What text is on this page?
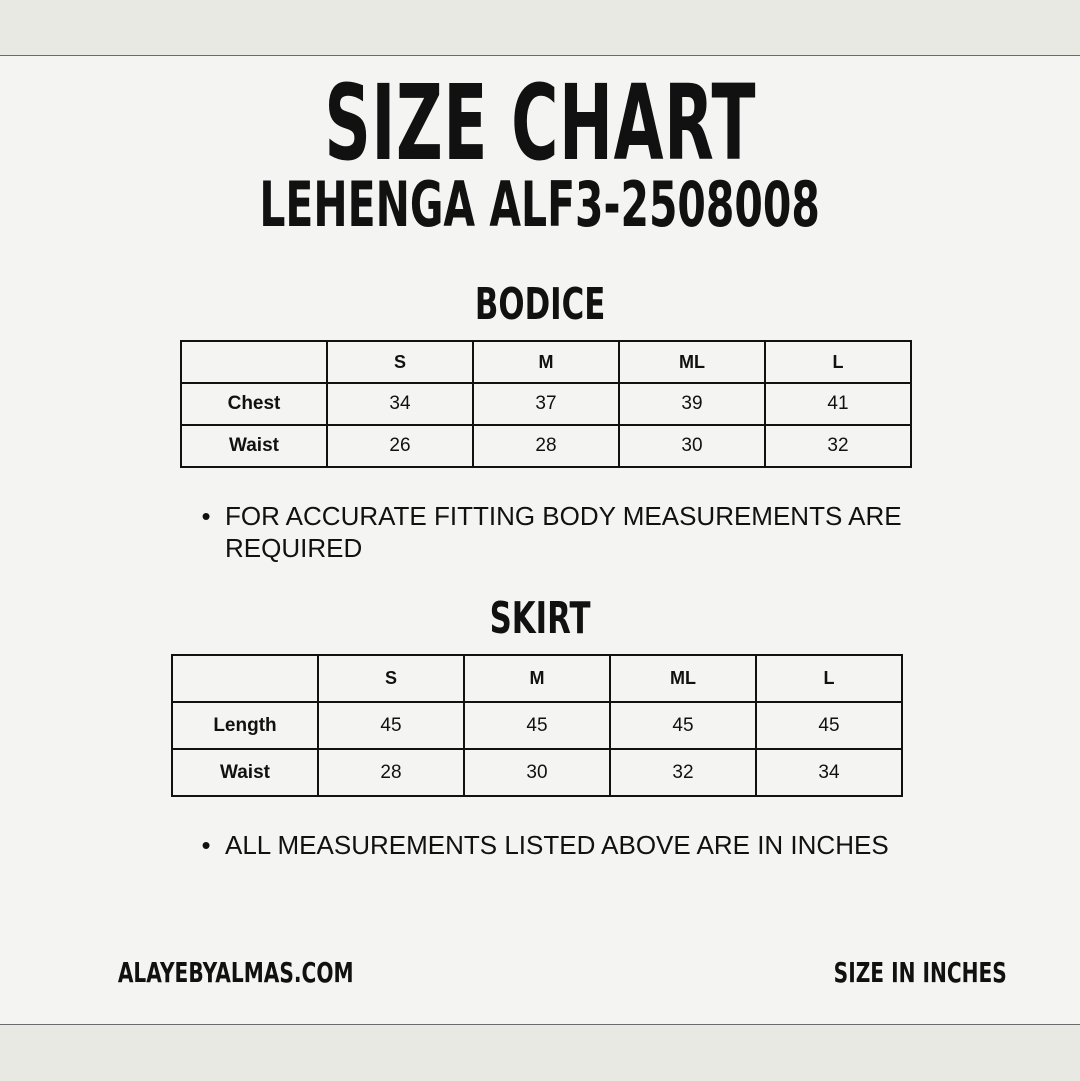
SIZE CHART
LEHENGA ALF3-2508008
BODICE
	S	M	ML	L
Chest	34	37	39	41
Waist	26	28	30	32
• FOR ACCURATE FITTING BODY MEASUREMENTS ARE REQUIRED
SKIRT
	S	M	ML	L
Length	45	45	45	45
Waist	28	30	32	34
• ALL MEASUREMENTS LISTED ABOVE ARE IN INCHES
ALAYEBYALMAS.COM	SIZE IN INCHES
